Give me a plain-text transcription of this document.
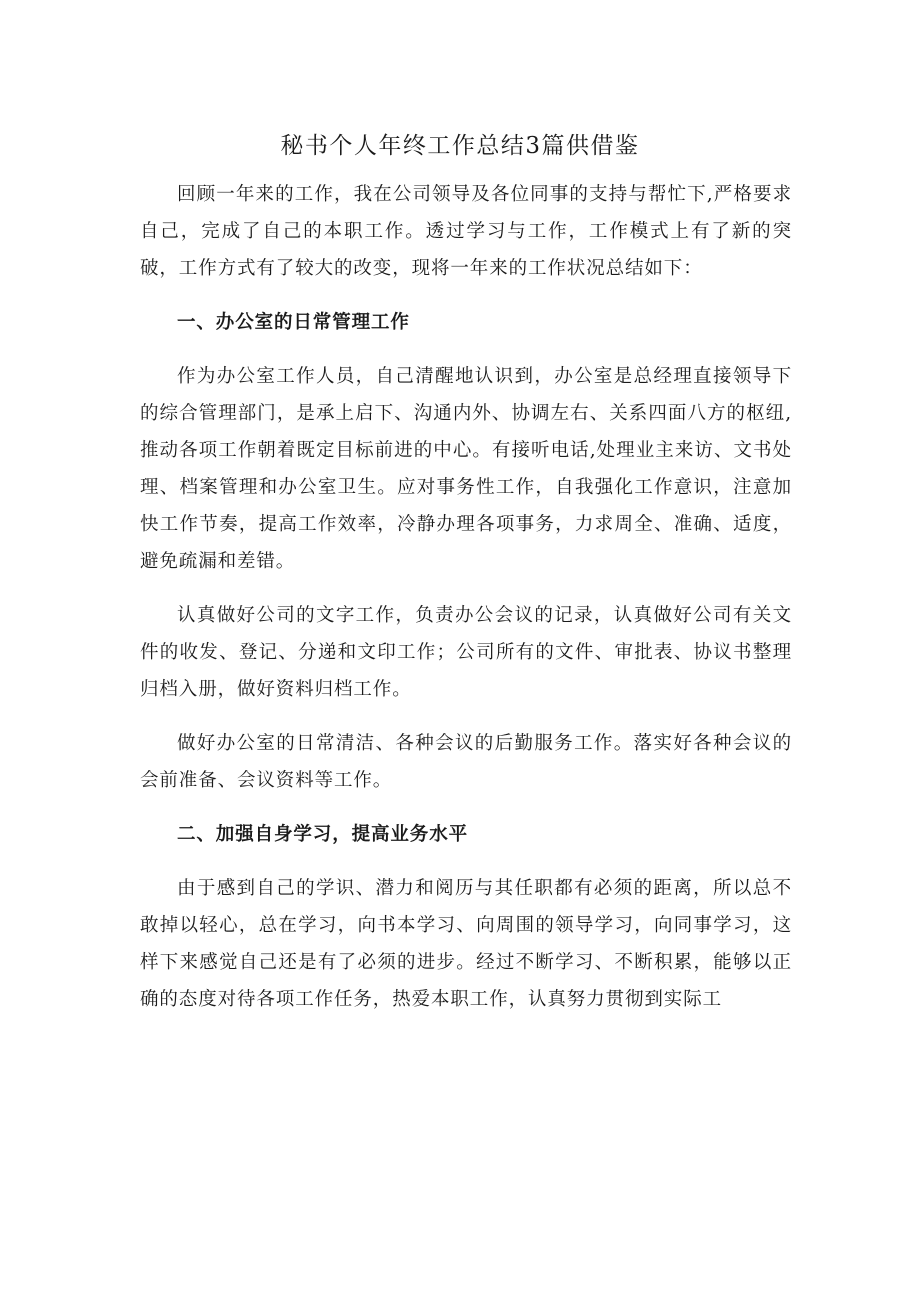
秘书个人年终工作总结3篇供借鉴

回顾一年来的工作，我在公司领导及各位同事的支持与帮忙下,严格要求自己，完成了自己的本职工作。透过学习与工作，工作模式上有了新的突破，工作方式有了较大的改变，现将一年来的工作状况总结如下：

一、办公室的日常管理工作

作为办公室工作人员，自己清醒地认识到，办公室是总经理直接领导下的综合管理部门，是承上启下、沟通内外、协调左右、关系四面八方的枢纽,推动各项工作朝着既定目标前进的中心。有接听电话,处理业主来访、文书处理、档案管理和办公室卫生。应对事务性工作，自我强化工作意识，注意加快工作节奏，提高工作效率，冷静办理各项事务，力求周全、准确、适度，避免疏漏和差错。

认真做好公司的文字工作，负责办公会议的记录，认真做好公司有关文件的收发、登记、分递和文印工作；公司所有的文件、审批表、协议书整理归档入册，做好资料归档工作。

做好办公室的日常清洁、各种会议的后勤服务工作。落实好各种会议的会前准备、会议资料等工作。

二、加强自身学习，提高业务水平

由于感到自己的学识、潜力和阅历与其任职都有必须的距离，所以总不敢掉以轻心，总在学习，向书本学习、向周围的领导学习，向同事学习，这样下来感觉自己还是有了必须的进步。经过不断学习、不断积累，能够以正确的态度对待各项工作任务，热爱本职工作，认真努力贯彻到实际工
